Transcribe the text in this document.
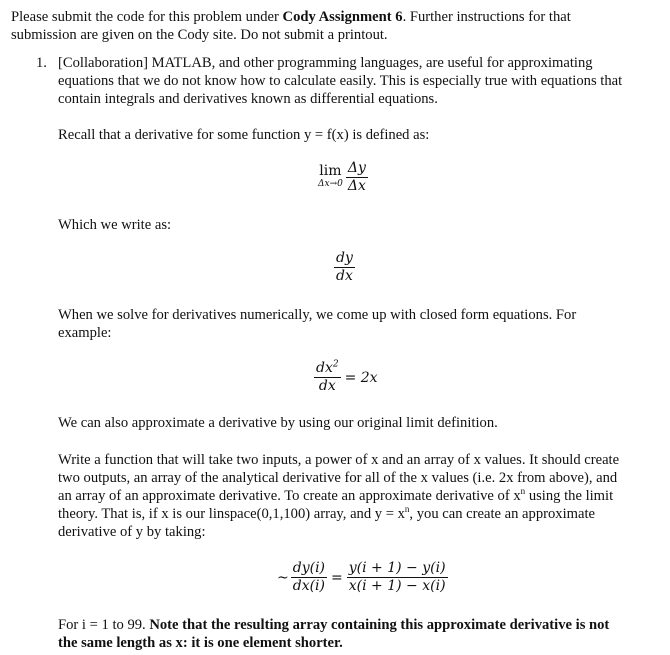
Please submit the code for this problem under Cody Assignment 6. Further instructions for that submission are given on the Cody site. Do not submit a printout.
1. [Collaboration] MATLAB, and other programming languages, are useful for approximating equations that we do not know how to calculate easily. This is especially true with equations that contain integrals and derivatives known as differential equations.
Recall that a derivative for some function y = f(x) is defined as:
lim
$\Delta x\to 0 \frac{\Delta y}{\Delta x}$
Which we write as:
$\frac{dy}{dx}$
When we solve for derivatives numerically, we come up with closed form equations. For example:
$\frac{dx^2}{dx} = 2x$
We can also approximate a derivative by using our original limit definition.
Write a function that will take two inputs, a power of x and an array of x values. It should create two outputs, an array of the analytical derivative for all of the x values (i.e. 2x from above), and an array of an approximate derivative. To create an approximate derivative of $x^n$ using the limit theory. That is, if x is our linspace(0,1,100) array, and $y = x^n$, you can create an approximate derivative of y by taking:
~ $\frac{dy(i)}{dx(i)} = \frac{y(i + 1) - y(i)}{x(i + 1) - x(i)}$
For i = 1 to 99. Note that the resulting array containing this approximate derivative is not the same length as x: it is one element shorter.
